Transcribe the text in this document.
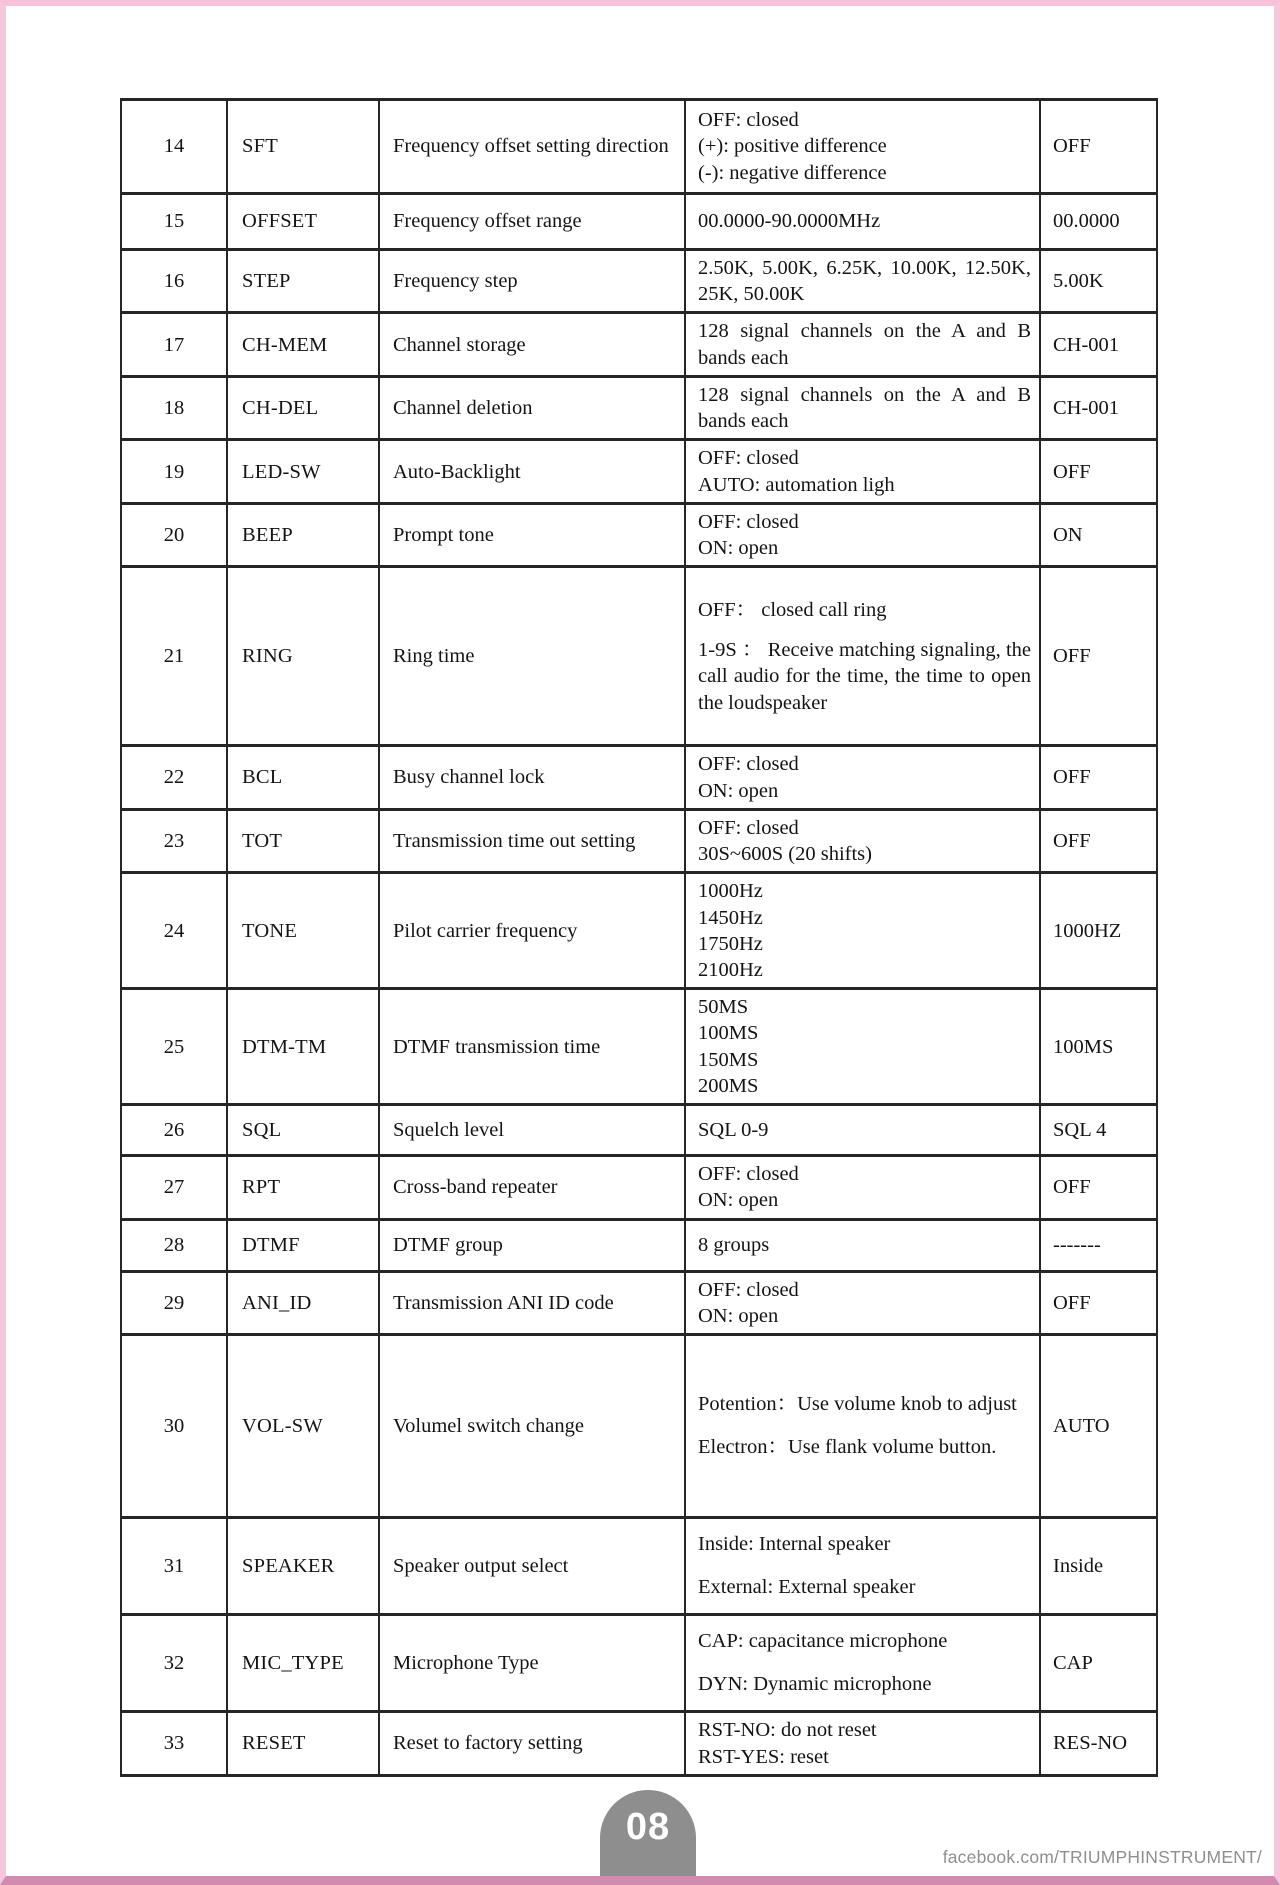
14	SFT	Frequency offset setting direction	OFF: closed
(+): positive difference
(-): negative difference	OFF
15	OFFSET	Frequency offset range	00.0000-90.0000MHz	00.0000
16	STEP	Frequency step	2.50K, 5.00K, 6.25K, 10.00K, 12.50K, 25K, 50.00K	5.00K
17	CH-MEM	Channel storage	128 signal channels on the A and B bands each	CH-001
18	CH-DEL	Channel deletion	128 signal channels on the A and B bands each	CH-001
19	LED-SW	Auto-Backlight	OFF: closed
AUTO: automation ligh	OFF
20	BEEP	Prompt tone	OFF: closed
ON: open	ON
21	RING	Ring time	OFF： closed call ring
1-9S ： Receive matching signaling, the call audio for the time, the time to open the loudspeaker	OFF
22	BCL	Busy channel lock	OFF: closed
ON: open	OFF
23	TOT	Transmission time out setting	OFF: closed
30S~600S (20 shifts)	OFF
24	TONE	Pilot carrier frequency	1000Hz
1450Hz
1750Hz
2100Hz	1000HZ
25	DTM-TM	DTMF transmission time	50MS
100MS
150MS
200MS	100MS
26	SQL	Squelch level	SQL 0-9	SQL 4
27	RPT	Cross-band repeater	OFF: closed
ON: open	OFF
28	DTMF	DTMF group	8 groups	-------
29	ANI_ID	Transmission ANI ID code	OFF: closed
ON: open	OFF
30	VOL-SW	Volumel switch change	Potention：Use volume knob to adjust
Electron：Use flank volume button.	AUTO
31	SPEAKER	Speaker output select	Inside: Internal speaker
External: External speaker	Inside
32	MIC_TYPE	Microphone Type	CAP: capacitance microphone
DYN: Dynamic microphone	CAP
33	RESET	Reset to factory setting	RST-NO: do not reset
RST-YES: reset	RES-NO
08
facebook.com/TRIUMPHINSTRUMENT/
